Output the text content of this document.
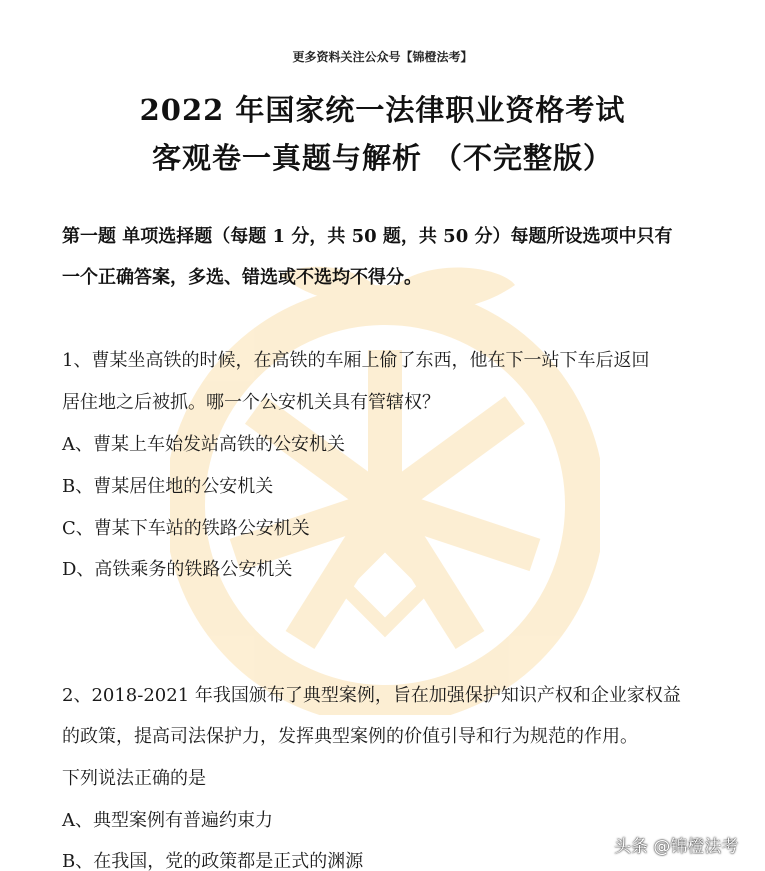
更多资料关注公众号【锦橙法考】
2022 年国家统一法律职业资格考试
客观卷一真题与解析 （不完整版）
第一题 单项选择题（每题 1 分，共 50 题，共 50 分）每题所设选项中只有
一个正确答案，多选、错选或不选均不得分。
1、曹某坐高铁的时候，在高铁的车厢上偷了东西，他在下一站下车后返回
居住地之后被抓。哪一个公安机关具有管辖权？
A、曹某上车始发站高铁的公安机关
B、曹某居住地的公安机关
C、曹某下车站的铁路公安机关
D、高铁乘务的铁路公安机关
2、2018-2021 年我国颁布了典型案例，旨在加强保护知识产权和企业家权益
的政策，提高司法保护力，发挥典型案例的价值引导和行为规范的作用。
下列说法正确的是
A、典型案例有普遍约束力
B、在我国，党的政策都是正式的渊源
头条 @锦橙法考
